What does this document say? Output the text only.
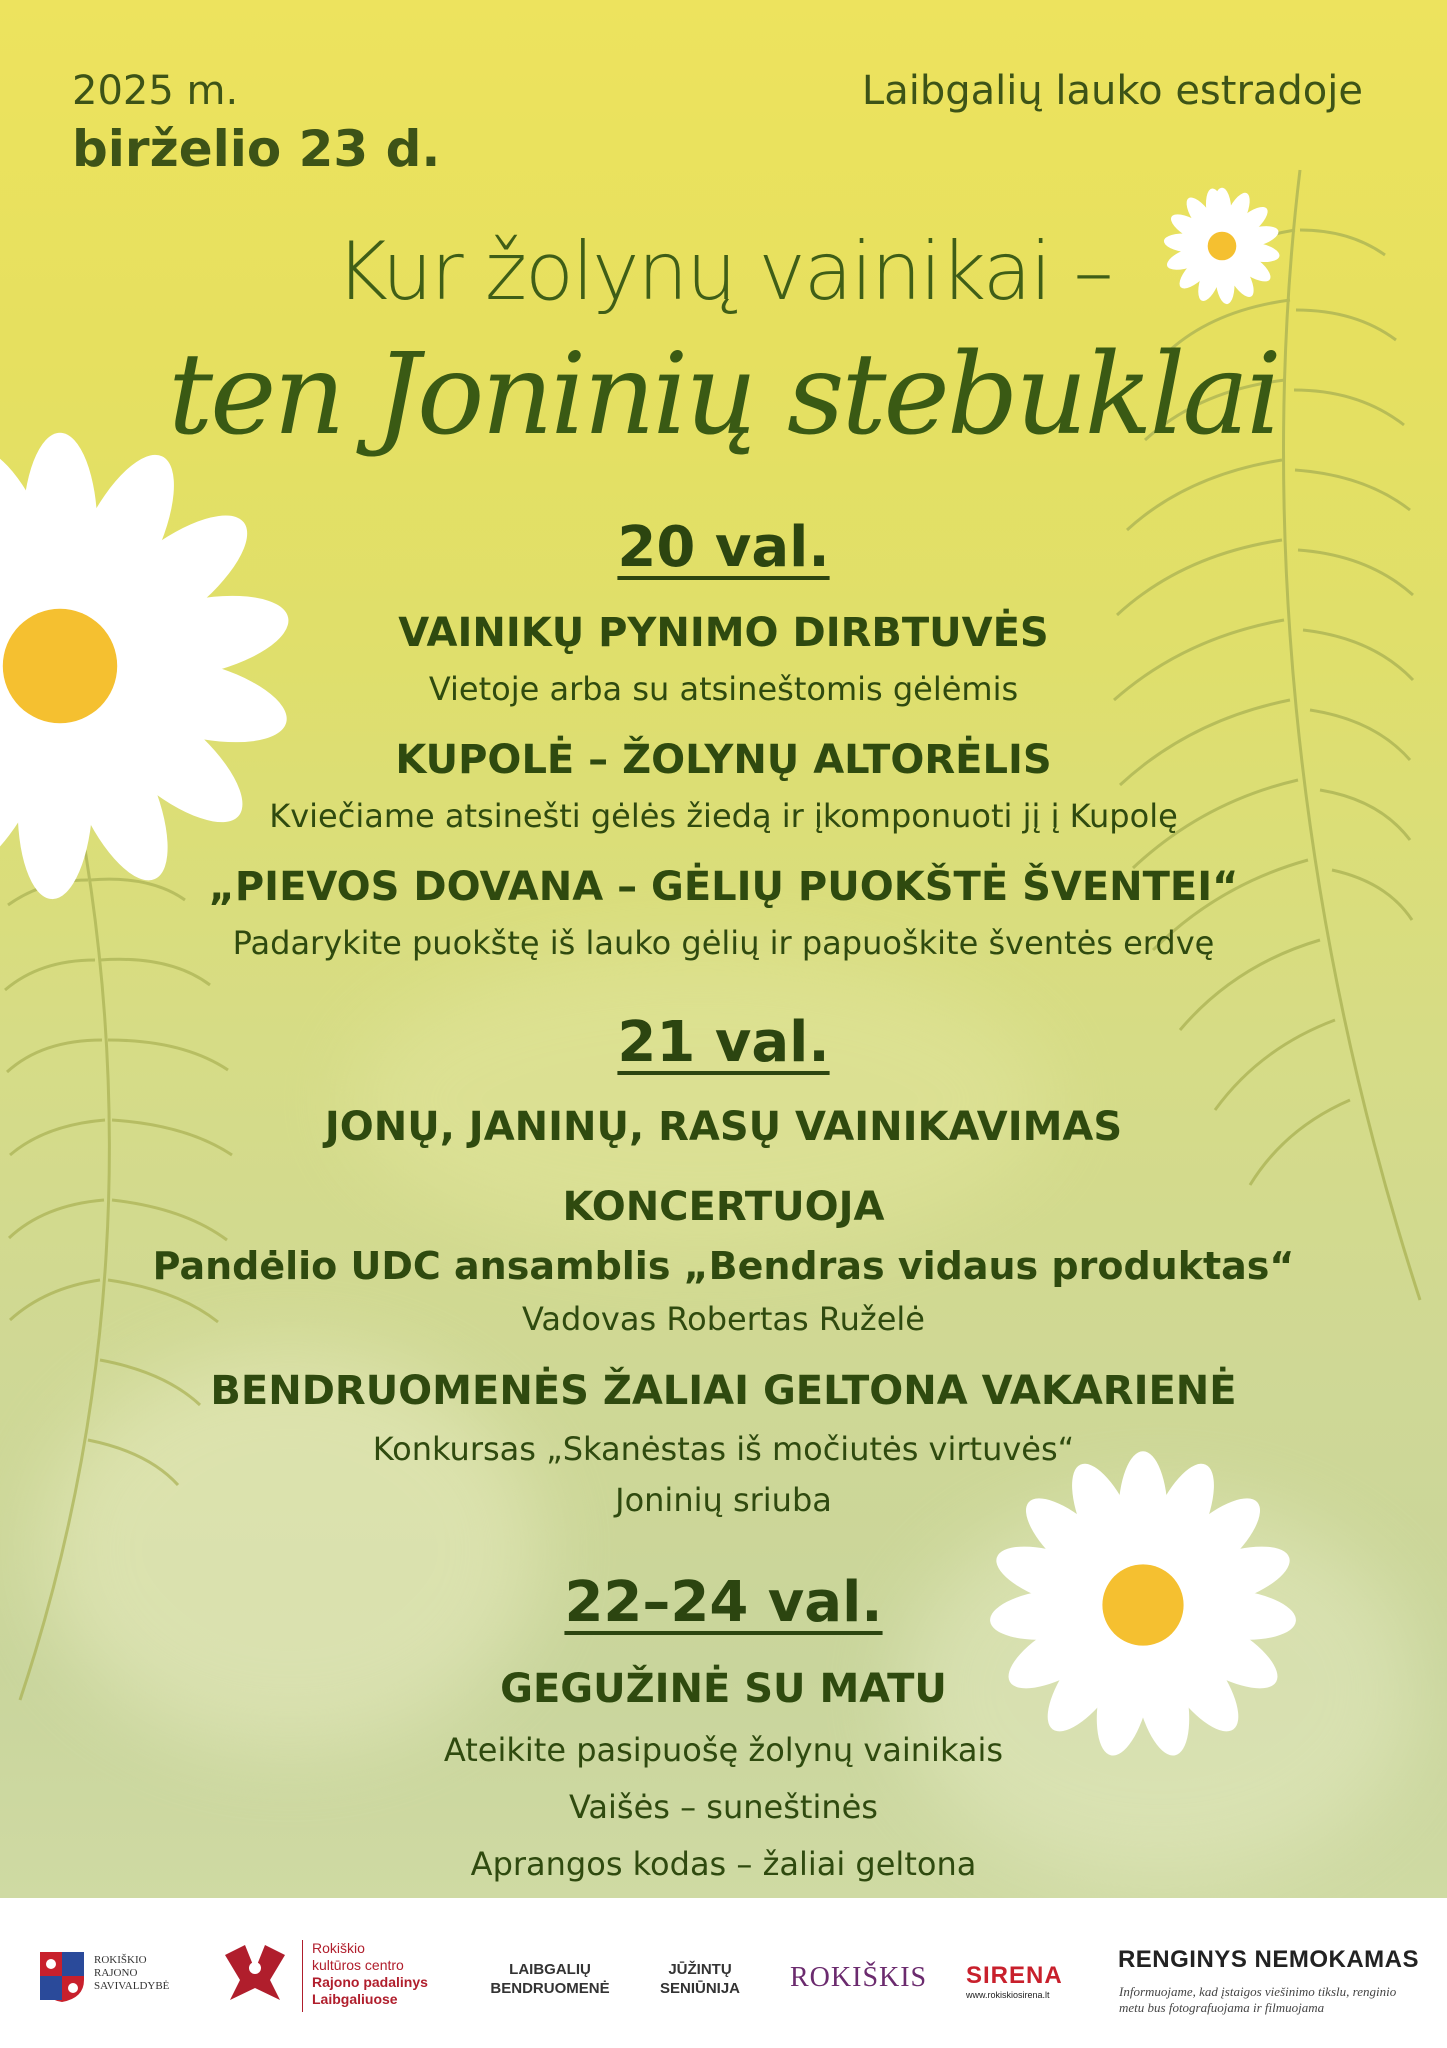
2025 m.
birželio 23 d.
Laibgalių lauko estradoje
Kur žolynų vainikai –
ten Joninių stebuklai
20 val.
VAINIKŲ PYNIMO DIRBTUVĖS
Vietoje arba su atsineštomis gėlėmis
KUPOLĖ – ŽOLYNŲ ALTORĖLIS
Kviečiame atsinešti gėlės žiedą ir įkomponuoti jį į Kupolę
„PIEVOS DOVANA – GĖLIŲ PUOKŠTĖ ŠVENTEI“
Padarykite puokštę iš lauko gėlių ir papuoškite šventės erdvę
21 val.
JONŲ, JANINŲ, RASŲ VAINIKAVIMAS
KONCERTUOJA
Pandėlio UDC ansamblis „Bendras vidaus produktas“
Vadovas Robertas Ruželė
BENDRUOMENĖS ŽALIAI GELTONA VAKARIENĖ
Konkursas „Skanėstas iš močiutės virtuvės“
Joninių sriuba
22–24 val.
GEGUŽINĖ SU MATU
Ateikite pasipuošę žolynų vainikais
Vaišės – suneštinės
Aprangos kodas – žaliai geltona
ROKIŠKIO
RAJONO
SAVIVALDYBĖ
Rokiškio
kultūros centro
Rajono padalinys
Laibgaliuose
LAIBGALIŲ
BENDRUOMENĖ
JŪŽINTŲ
SENIŪNIJA	ROKIŠKIS SIRENA
www.rokiskiosirena.lt
RENGINYS NEMOKAMAS
Informuojame, kad įstaigos viešinimo tikslu, renginio metu bus fotografuojama ir filmuojama
